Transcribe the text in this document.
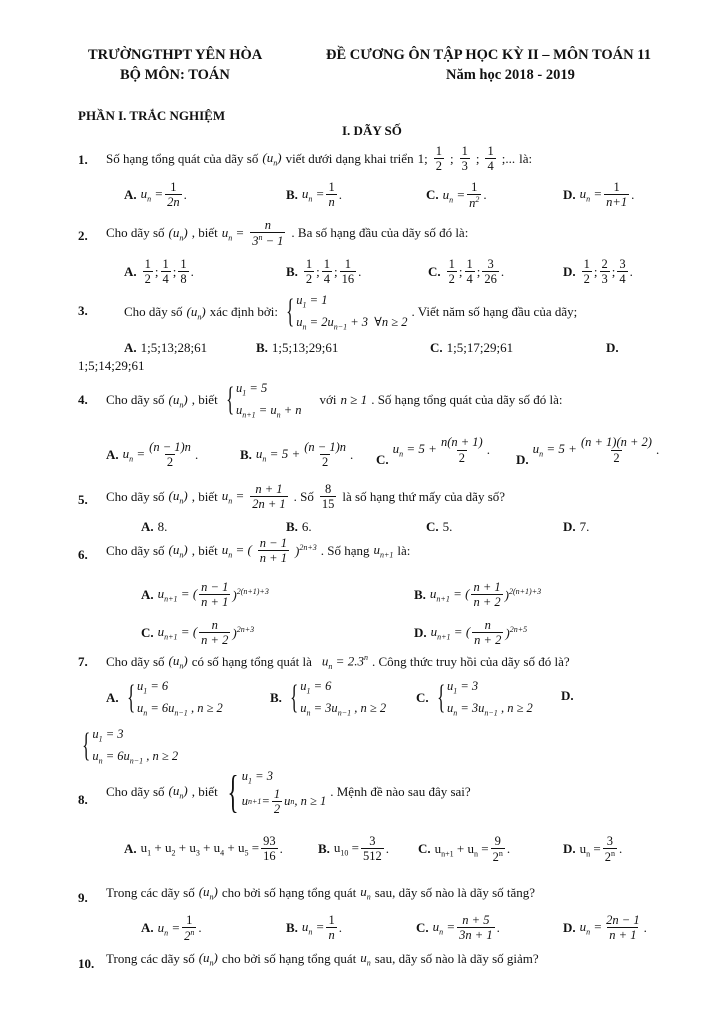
TRƯỜNGTHPT YÊN HÒA
BỘ MÔN: TOÁN
ĐỀ CƯƠNG ÔN TẬP HỌC KỲ II – MÔN TOÁN 11
Năm học 2018 - 2019
PHẦN I. TRẮC NGHIỆM
I. DÃY SỐ
1. Số hạng tổng quát của dãy số $(u_n)$ viết dưới dạng khai triển 1; $\frac{1}{2}$ ; $\frac{1}{3}$ ; $\frac{1}{4}$ ;... là:
A. $u_n = \frac{1}{2n}$ .	B. $u_n = \frac{1}{n}$ .	C. $u_n = \frac{1}{n^2}$ .	D. $u_n = \frac{1}{n+1}$ .
2. Cho dãy số $(u_n)$ , biết $u_n = \frac{n}{3^n - 1}$ . Ba số hạng đầu của dãy số đó là:
A. $\frac{1}{2}$ ; $\frac{1}{4}$ ; $\frac{1}{8}$ .	B. $\frac{1}{2}$ ; $\frac{1}{4}$ ; $\frac{1}{16}$ .	C. $\frac{1}{2}$ ; $\frac{1}{4}$ ; $\frac{3}{26}$ .	D. $\frac{1}{2}$ ; $\frac{2}{3}$ ; $\frac{3}{4}$ .
3.	Cho dãy số $(u_n)$ xác định bởi: { $u_1 = 1$
$u_n = 2u_{n-1} + 3$  ∀n ≥ 2
. Viết năm số hạng đầu của dãy;
A. 1;5;13;28;61	B. 1;5;13;29;61	C. 1;5;17;29;61	D.
1;5;14;29;61
4. Cho dãy số $(u_n)$ , biết { $u_1 = 5$
$u_{n+1} = u_n + n$
với n ≥ 1 . Số hạng tổng quát của dãy số đó là:
A. $u_n = \frac{(n - 1)n}{2}$ .	B. $u_n = 5 + \frac{(n - 1)n}{2}$ . C.
$u_n = 5 + \frac{n(n + 1)}{2}$ .
D.
$u_n = 5 + \frac{(n + 1)(n + 2)}{2}$ .
5. Cho dãy số $(u_n)$ , biết $u_n = \frac{n + 1}{2n + 1}$ . Số $\frac{8}{15}$ là số hạng thứ mấy của dãy số?
A. 8.	B. 6.	C. 5.	D. 7.
6. Cho dãy số $(u_n)$ , biết $u_n$ = ( $\frac{n - 1}{n + 1} )^{2n+3}$ . Số hạng $u_{n+1}$ là:
A. $u_{n+1}$ = ( $\frac{n - 1}{n + 1} )^{2(n+1)+3}$	B. $u_{n+1}$ = ( $\frac{n + 1}{n + 2} )^{2(n+1)+3}$
C. $u_{n+1}$ = ( $\frac{n}{n + 2} )^{2n+3}$	D. $u_{n+1}$ = ( $\frac{n}{n + 2} )^{2n+5}$
7. Cho dãy số $(u_n)$ có số hạng tổng quát là $u_n = 2.3^n$ . Công thức truy hồi của dãy số đó là?
A. { $u_1 = 6$
$u_n = 6u_{n-1}$ , n ≥ 2
B. { $u_1 = 6$
$u_n = 3u_{n-1}$ , n ≥ 2
C. { $u_1 = 3$
$u_n = 3u_{n-1}$ , n ≥ 2
D.
{ $u_1 = 3$
$u_n = 6u_{n-1}$ , n ≥ 2
8.
Cho dãy số $(u_n)$ , biết { $u_1 = 3$
u $n+1 = \frac{1}{2}$ u n , n ≥ 1
. Mệnh đề nào sau đây sai?
A. $u_1 + u_2 + u_3 + u_4 + u_5 = \frac{93}{16}$ .	B. $u_{10} = \frac{3}{512}$ . C. $u_{n+1} + u_n = \frac{9}{2^n}$ .	D. $u_n = \frac{3}{2^n}$ .
9. Trong các dãy số $(u_n)$ cho bởi số hạng tổng quát $u_n$ sau, dãy số nào là dãy số tăng?
A. $u_n = \frac{1}{2^n}$ .	B. $u_n = \frac{1}{n}$ .	C. $u_n = \frac{n + 5}{3n + 1}$ .	D. $u_n = \frac{2n - 1}{n + 1}$ .
10. Trong các dãy số $(u_n)$ cho bởi số hạng tổng quát $u_n$ sau, dãy số nào là dãy số giảm?
